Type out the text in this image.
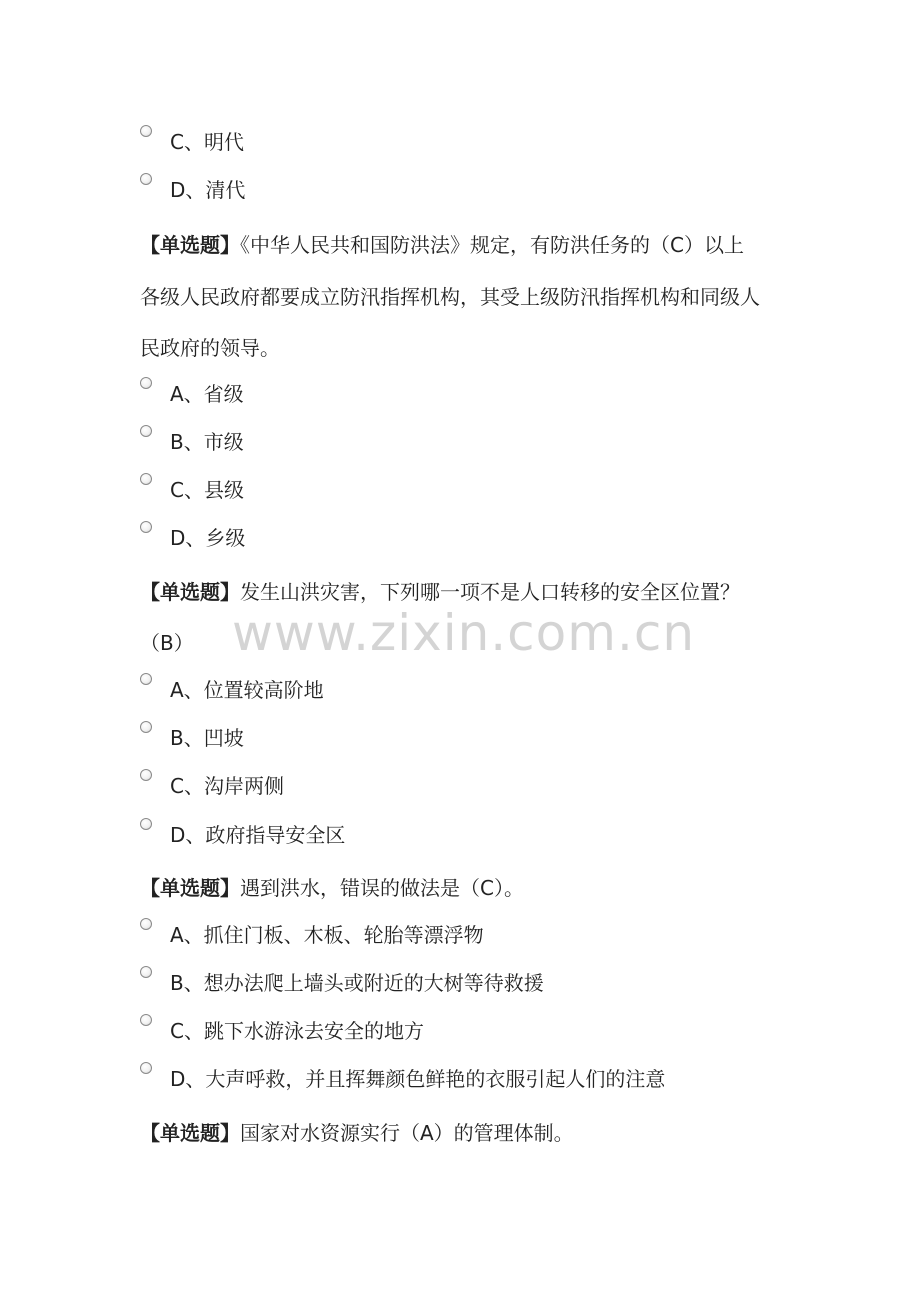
C、明代
D、清代
【单选题】《中华人民共和国防洪法》规定，有防洪任务的（C）以上
各级人民政府都要成立防汛指挥机构，其受上级防汛指挥机构和同级人
民政府的领导。
A、省级
B、市级
C、县级
D、乡级
【单选题】发生山洪灾害，下列哪一项不是人口转移的安全区位置？
（B）
A、位置较高阶地
B、凹坡
C、沟岸两侧
D、政府指导安全区
【单选题】遇到洪水，错误的做法是（C）。
A、抓住门板、木板、轮胎等漂浮物
B、想办法爬上墙头或附近的大树等待救援
C、跳下水游泳去安全的地方
D、大声呼救，并且挥舞颜色鲜艳的衣服引起人们的注意
【单选题】国家对水资源实行（A）的管理体制。
www.zixin.com.cn
